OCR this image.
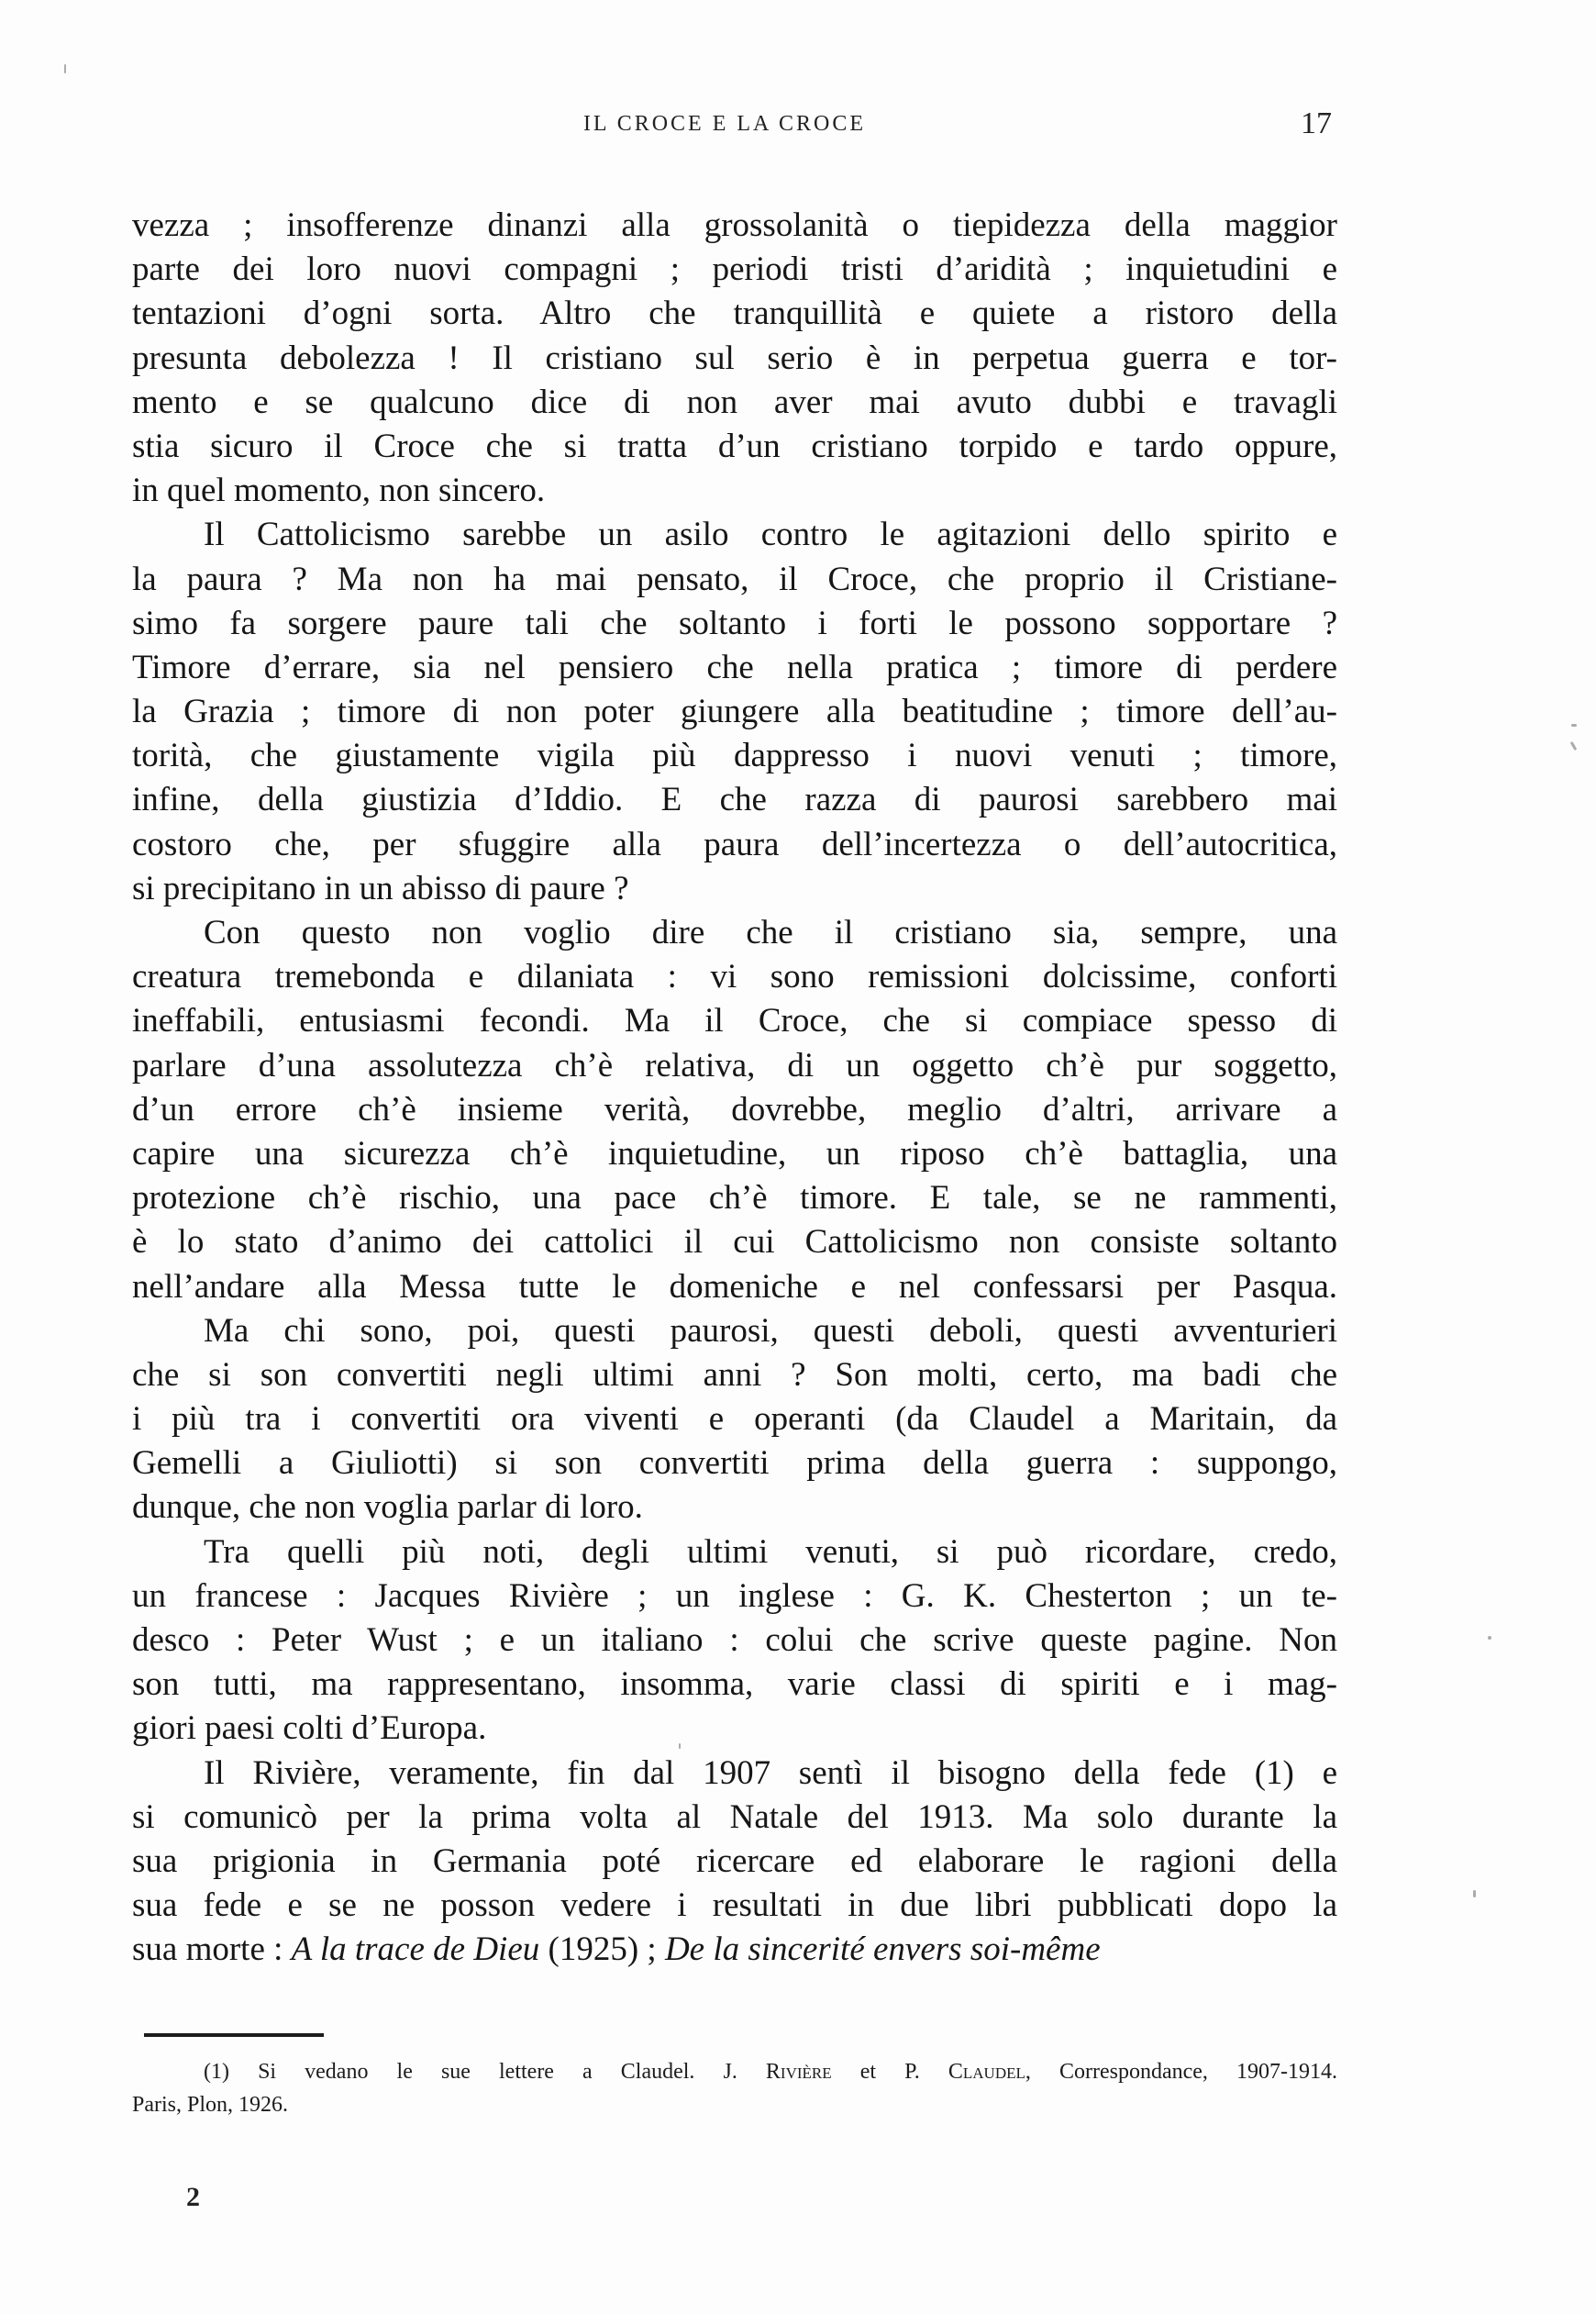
IL CROCE E LA CROCE	17
vezza ; insofferenze dinanzi alla grossolanità o tiepidezza della maggior
parte dei loro nuovi compagni ; periodi tristi d’aridità ; inquietudini e
tentazioni d’ogni sorta. Altro che tranquillità e quiete a ristoro della
presunta debolezza ! Il cristiano sul serio è in perpetua guerra e tor-
mento e se qualcuno dice di non aver mai avuto dubbi e travagli
stia sicuro il Croce che si tratta d’un cristiano torpido e tardo oppure,
in quel momento, non sincero.
Il Cattolicismo sarebbe un asilo contro le agitazioni dello spirito e
la paura ? Ma non ha mai pensato, il Croce, che proprio il Cristiane-
simo fa sorgere paure tali che soltanto i forti le possono sopportare ?
Timore d’errare, sia nel pensiero che nella pratica ; timore di perdere
la Grazia ; timore di non poter giungere alla beatitudine ; timore dell’au-
torità, che giustamente vigila più dappresso i nuovi venuti ; timore,
infine, della giustizia d’Iddio. E che razza di paurosi sarebbero mai
costoro che, per sfuggire alla paura dell’incertezza o dell’autocritica,
si precipitano in un abisso di paure ?
Con questo non voglio dire che il cristiano sia, sempre, una
creatura tremebonda e dilaniata : vi sono remissioni dolcissime, conforti
ineffabili, entusiasmi fecondi. Ma il Croce, che si compiace spesso di
parlare d’una assolutezza ch’è relativa, di un oggetto ch’è pur soggetto,
d’un errore ch’è insieme verità, dovrebbe, meglio d’altri, arrivare a
capire una sicurezza ch’è inquietudine, un riposo ch’è battaglia, una
protezione ch’è rischio, una pace ch’è timore. E tale, se ne rammenti,
è lo stato d’animo dei cattolici il cui Cattolicismo non consiste soltanto
nell’andare alla Messa tutte le domeniche e nel confessarsi per Pasqua.
Ma chi sono, poi, questi paurosi, questi deboli, questi avventurieri
che si son convertiti negli ultimi anni ? Son molti, certo, ma badi che
i più tra i convertiti ora viventi e operanti (da Claudel a Maritain, da
Gemelli a Giuliotti) si son convertiti prima della guerra : suppongo,
dunque, che non voglia parlar di loro.
Tra quelli più noti, degli ultimi venuti, si può ricordare, credo,
un francese : Jacques Rivière ; un inglese : G. K. Chesterton ; un te-
desco : Peter Wust ; e un italiano : colui che scrive queste pagine. Non
son tutti, ma rappresentano, insomma, varie classi di spiriti e i mag-
giori paesi colti d’Europa.
Il Rivière, veramente, fin dal 1907 sentì il bisogno della fede (1) e
si comunicò per la prima volta al Natale del 1913. Ma solo durante la
sua prigionia in Germania poté ricercare ed elaborare le ragioni della
sua fede e se ne posson vedere i resultati in due libri pubblicati dopo la
sua morte : A la trace de Dieu (1925) ; De la sincerité envers soi-même
(1) Si vedano le sue lettere a Claudel. J. Rivière et P. Claudel, Correspondance, 1907-1914.
Paris, Plon, 1926.
2
